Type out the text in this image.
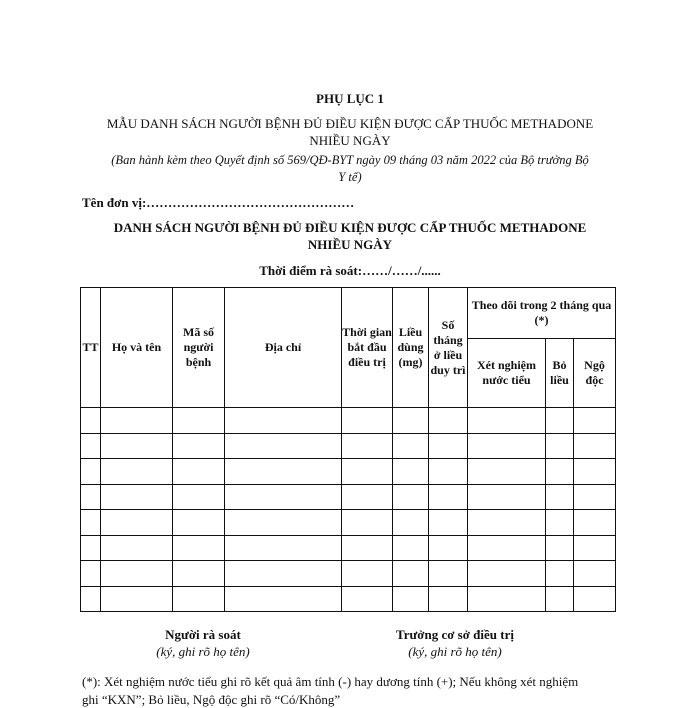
PHỤ LỤC 1
MẪU DANH SÁCH NGƯỜI BỆNH ĐỦ ĐIỀU KIỆN ĐƯỢC CẤP THUỐC METHADONE
NHIỀU NGÀY
(Ban hành kèm theo Quyết định số 569/QĐ-BYT ngày 09 tháng 03 năm 2022 của Bộ trưởng Bộ
Y tế)
Tên đơn vị:…………………………………………
DANH SÁCH NGƯỜI BỆNH ĐỦ ĐIỀU KIỆN ĐƯỢC CẤP THUỐC METHADONE
NHIỀU NGÀY
Thời điểm rà soát:……/……/......
TT	Họ và tên	Mã số người bệnh	Địa chỉ	Thời gian bắt đầu điều trị	Liều dùng (mg)	Số tháng ở liều duy trì	Theo dõi trong 2 tháng qua (*)		
							Xét nghiệm nước tiểu	Bỏ liều	Ngộ độc

Người rà soát
(ký, ghi rõ họ tên)
Trưởng cơ sở điều trị
(ký, ghi rõ họ tên)
(*): Xét nghiệm nước tiểu ghi rõ kết quả âm tính (-) hay dương tính (+); Nếu không xét nghiệm
ghi “KXN”; Bỏ liều, Ngộ độc ghi rõ “Có/Không”
